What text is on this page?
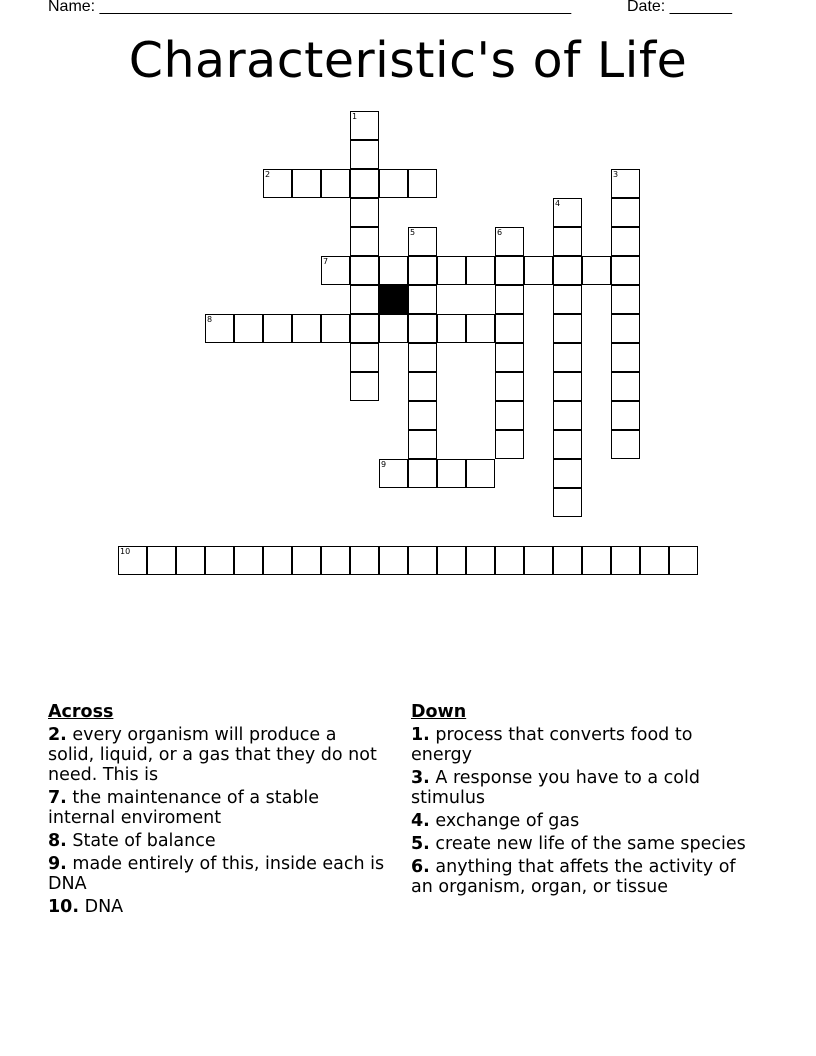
Name: _____________________________________________________	Date: _______
Characteristic's of Life
1
2	3
4
5	6
7
8
9
10
Across
2. every organism will produce a solid, liquid, or a gas that they do not need. This is
7. the maintenance of a stable internal enviroment
8. State of balance
9. made entirely of this, inside each is DNA
10. DNA
Down
1. process that converts food to energy
3. A response you have to a cold stimulus
4. exchange of gas
5. create new life of the same species
6. anything that affets the activity of an organism, organ, or tissue
